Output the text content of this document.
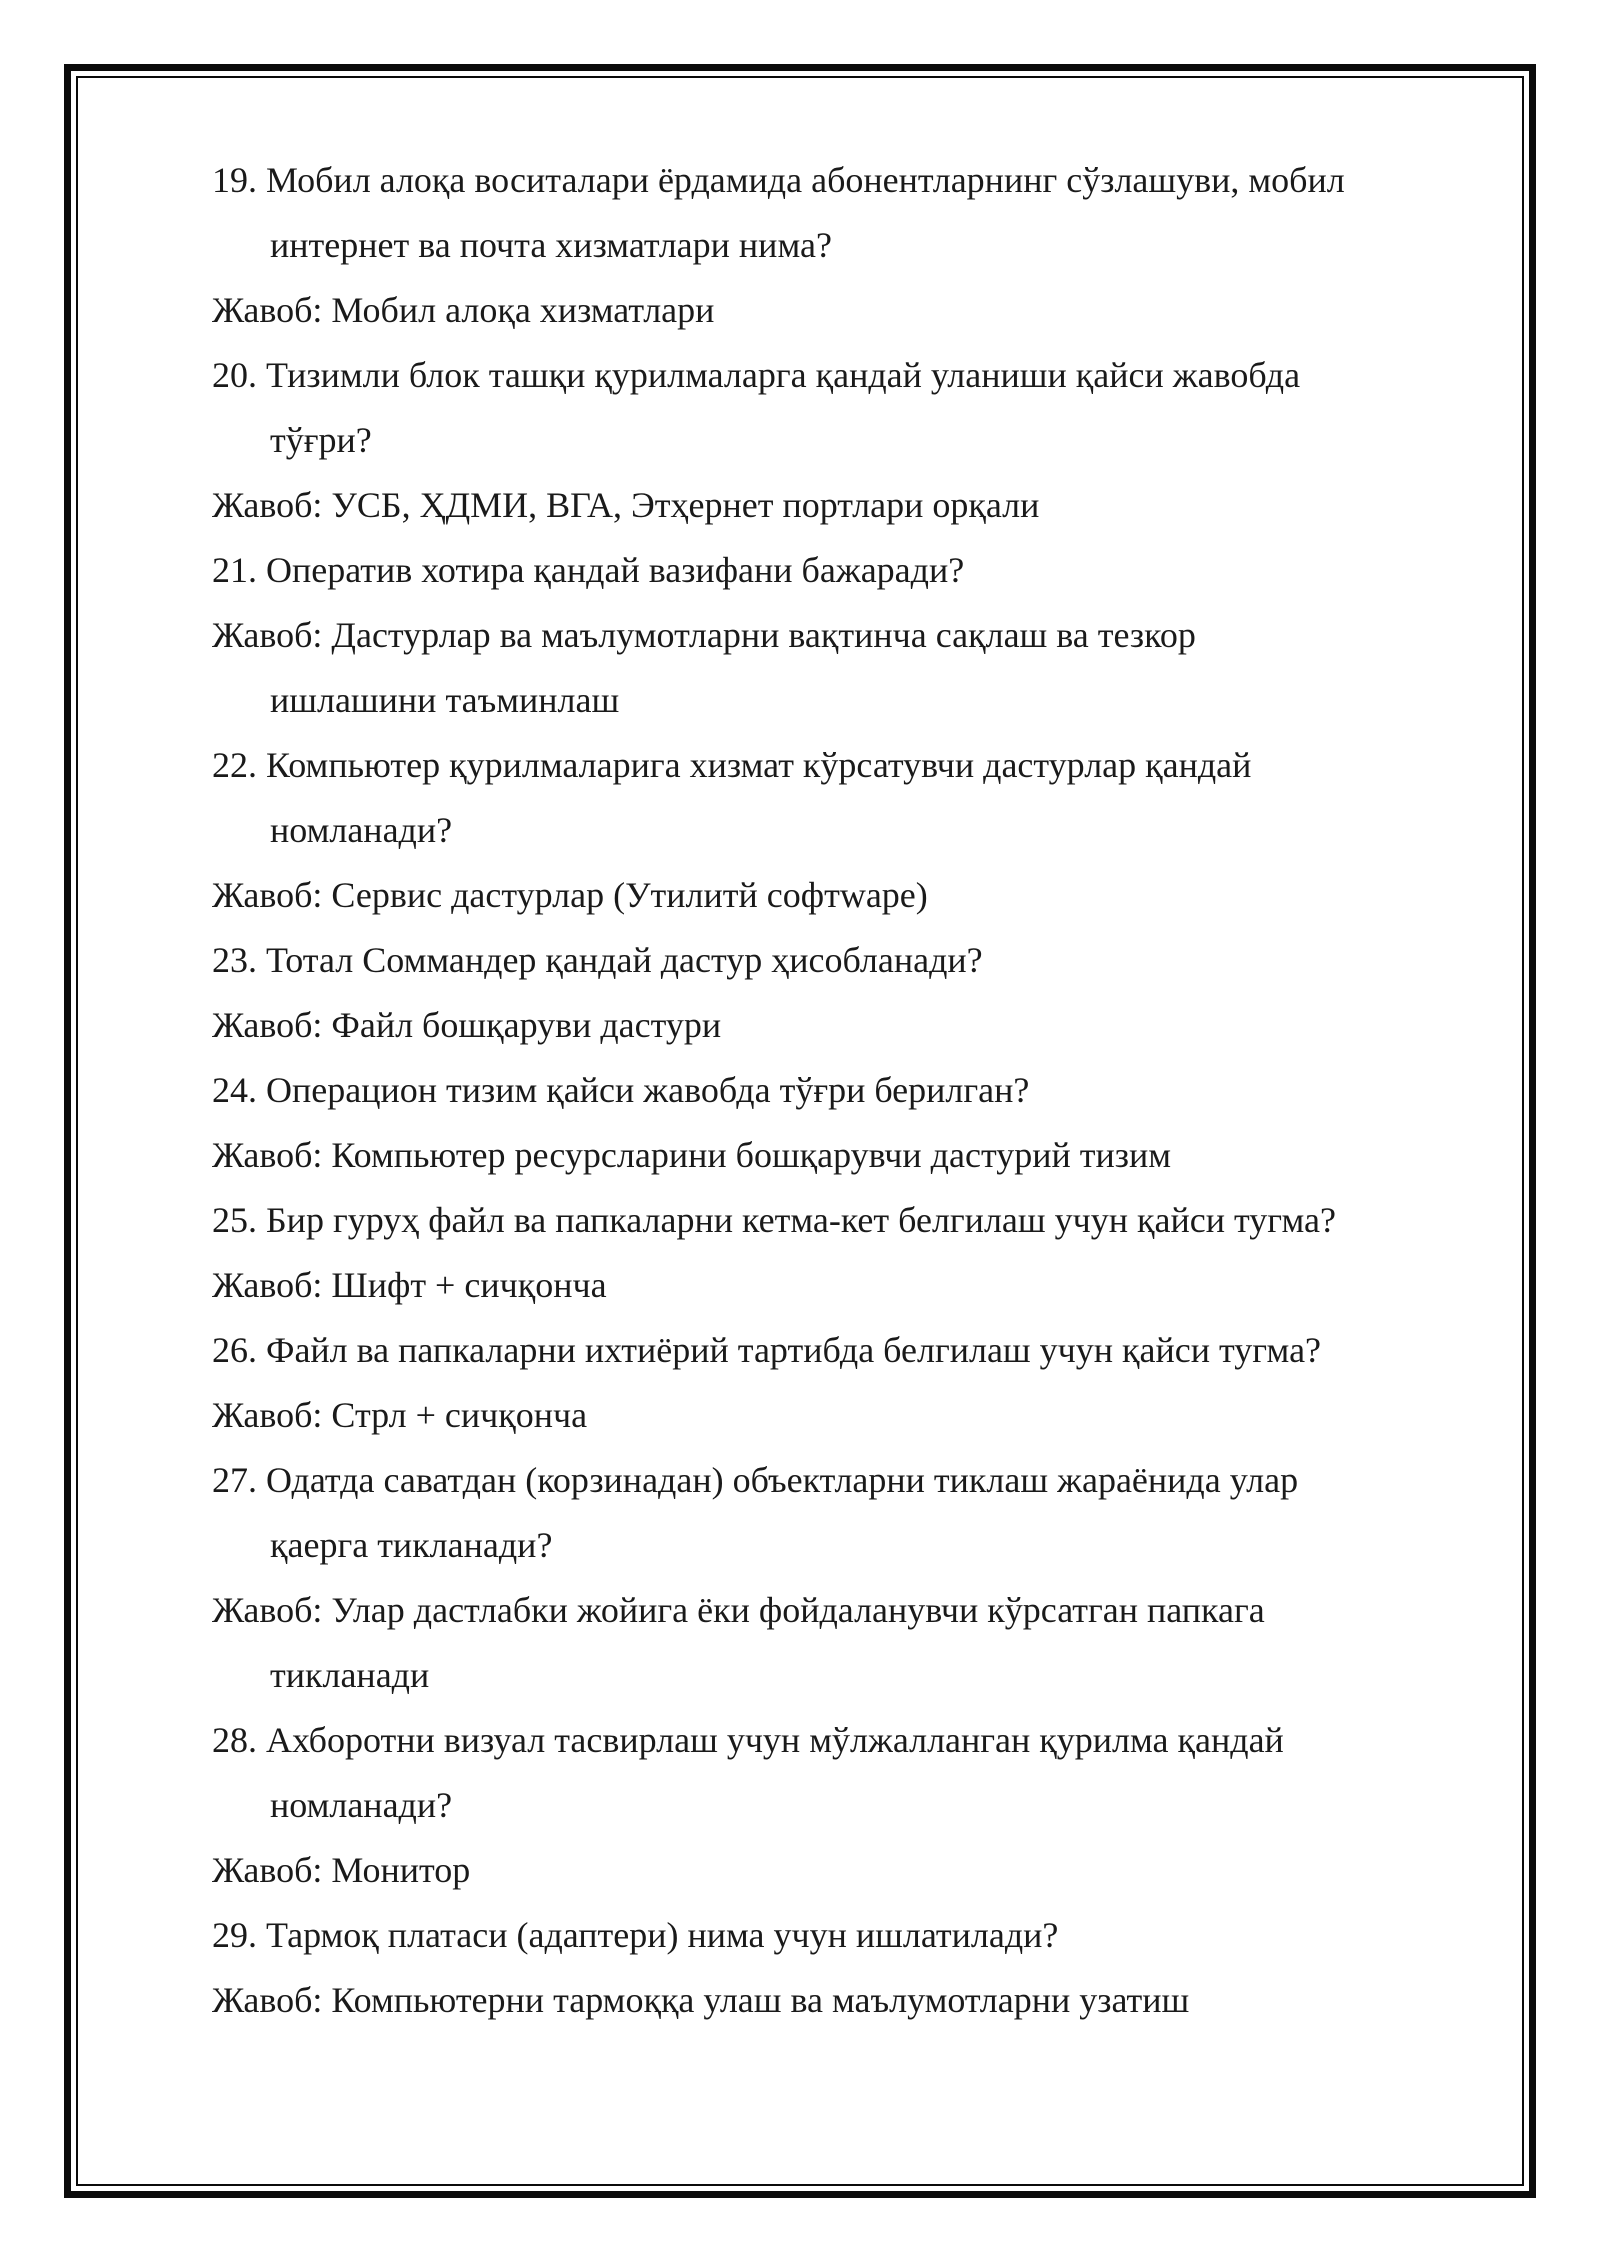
19. Мобил алоқа воситалари ёрдамида абонентларнинг сўзлашуви, мобил
интернет ва почта хизматлари нима?
Жавоб: Мобил алоқа хизматлари
20. Тизимли блок ташқи қурилмаларга қандай уланиши қайси жавобда
тўғри?
Жавоб: УСБ, ҲДМИ, ВГА, Этҳернет портлари орқали
21. Оператив хотира қандай вазифани бажаради?
Жавоб: Дастурлар ва маълумотларни вақтинча сақлаш ва тезкор
ишлашини таъминлаш
22. Компьютер қурилмаларига хизмат кўрсатувчи дастурлар қандай
номланади?
Жавоб: Сервис дастурлар (Утилитй софтwаре)
23. Тотал Соммандер қандай дастур ҳисобланади?
Жавоб: Файл бошқаруви дастури
24. Операцион тизим қайси жавобда тўғри берилган?
Жавоб: Компьютер ресурсларини бошқарувчи дастурий тизим
25. Бир гуруҳ файл ва папкаларни кетма-кет белгилаш учун қайси тугма?
Жавоб: Шифт + сичқонча
26. Файл ва папкаларни ихтиёрий тартибда белгилаш учун қайси тугма?
Жавоб: Стрл + сичқонча
27. Одатда саватдан (корзинадан) объектларни тиклаш жараёнида улар
қаерга тикланади?
Жавоб: Улар дастлабки жойига ёки фойдаланувчи кўрсатган папкага
тикланади
28. Ахборотни визуал тасвирлаш учун мўлжалланган қурилма қандай
номланади?
Жавоб: Монитор
29. Тармоқ платаси (адаптери) нима учун ишлатилади?
Жавоб: Компьютерни тармоққа улаш ва маълумотларни узатиш
